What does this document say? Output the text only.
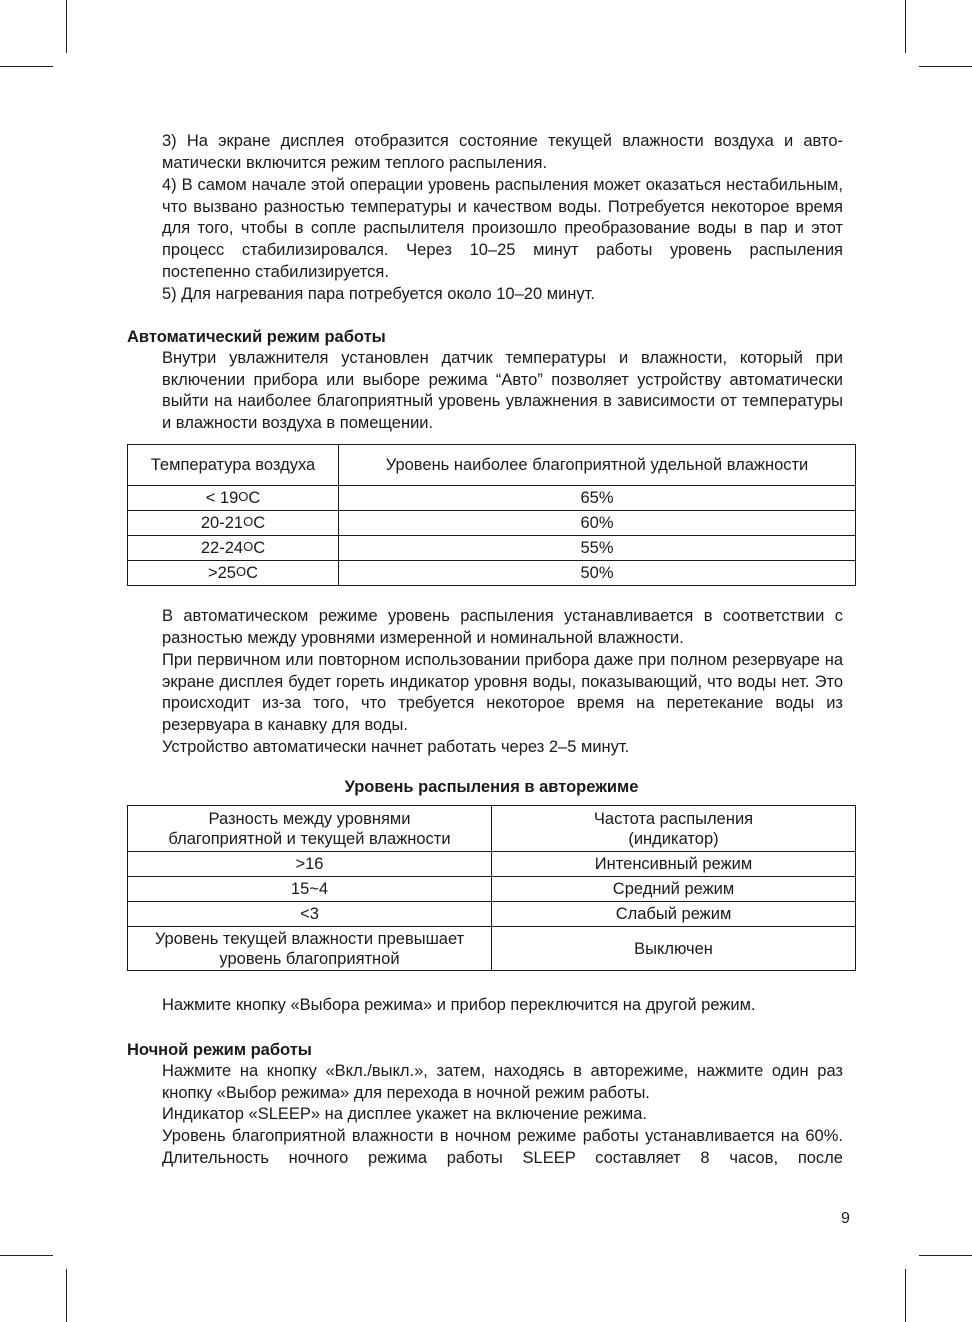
3) На экране дисплея отобразится состояние текущей влажности воздуха и автоматически включится режим теплого распыления.

4) В самом начале этой операции уровень распыления может оказаться нестабильным, что вызвано разностью температуры и качеством воды. Потребуется некоторое время для того, чтобы в сопле распылителя произошло преобразование воды в пар и этот процесс стабилизировался. Через 10–25 минут работы уровень распыления постепенно стабилизируется.

5) Для нагревания пара потребуется около 10–20 минут.

Автоматический режим работы

Внутри увлажнителя установлен датчик температуры и влажности, который при включении прибора или выборе режима “Авто” позволяет устройству автоматически выйти на наиболее благоприятный уровень увлажнения в зависимости от температуры и влажности воздуха в помещении.

Температура воздуха	Уровень наиболее благоприятной удельной влажности
< $19^OC$	65%
$20-21^OC$	60%
$22-24^OC$	55%
$>25^OC$	50%

В автоматическом режиме уровень распыления устанавливается в соответствии с разностью между уровнями измеренной и номинальной влажности.

При первичном или повторном использовании прибора даже при полном резервуаре на экране дисплея будет гореть индикатор уровня воды, показывающий, что воды нет. Это происходит из-за того, что требуется некоторое время на перетекание воды из резервуара в канавку для воды.

Устройство автоматически начнет работать через 2–5 минут.

Уровень распыления в авторежиме

Разность между уровнями
благоприятной и текущей влажности	Частота распыления
(индикатор)
>16	Интенсивный режим
15~4	Средний режим
<3	Слабый режим
Уровень текущей влажности превышает
уровень благоприятной	Выключен

Нажмите кнопку «Выбора режима» и прибор переключится на другой режим.

Ночной режим работы

Нажмите на кнопку «Вкл./выкл.», затем, находясь в авторежиме, нажмите один раз кнопку «Выбор режима» для перехода в ночной режим работы.

Индикатор «SLEEP» на дисплее укажет на включение режима.

Уровень благоприятной влажности в ночном режиме работы устанавливается на 60%. Длительность ночного режима работы SLEEP составляет 8 часов, после

9
